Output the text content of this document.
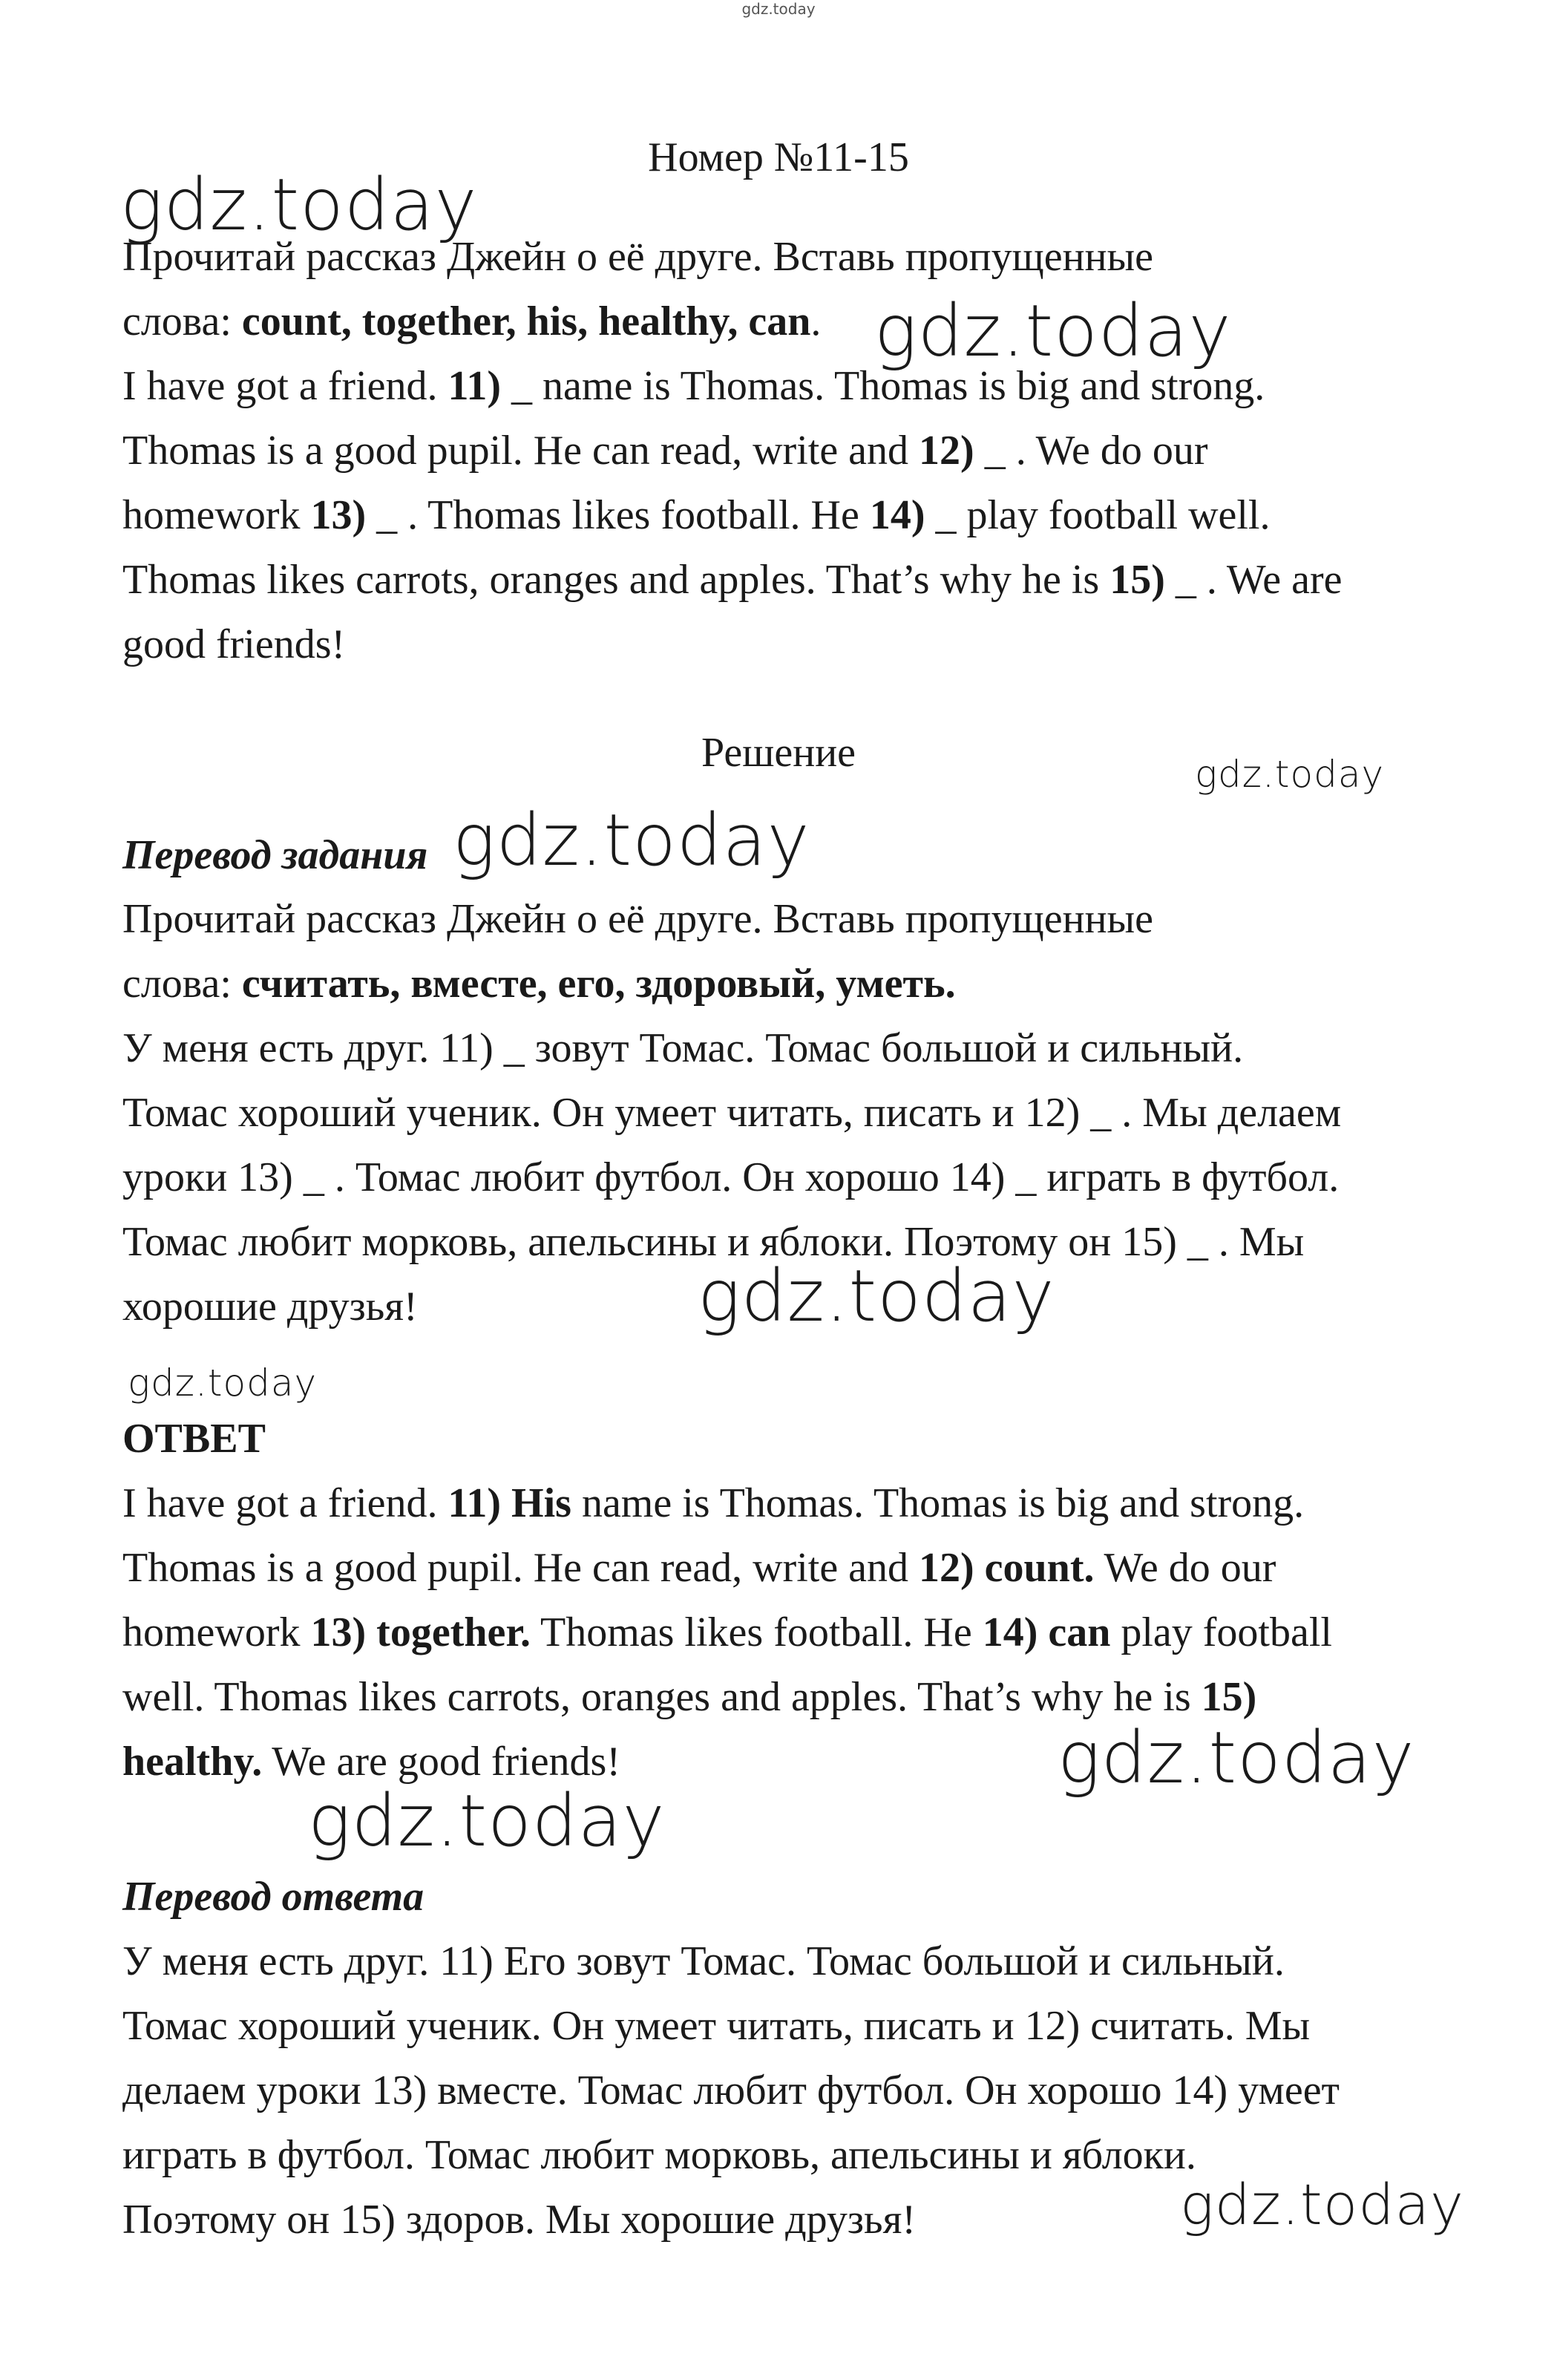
gdz.today
Номер №11-15
Прочитай рассказ Джейн о её друге. Вставь пропущенные
слова: count, together, his, healthy, can.
I have got a friend. 11) _ name is Thomas. Thomas is big and strong.
Thomas is a good pupil. He can read, write and 12) _ . We do our
homework 13) _ . Thomas likes football. He 14) _ play football well.
Thomas likes carrots, oranges and apples. That’s why he is 15) _ . We are
good friends!
Решение
Перевод задания
Прочитай рассказ Джейн о её друге. Вставь пропущенные
слова: считать, вместе, его, здоровый, уметь.
У меня есть друг. 11) _ зовут Томас. Томас большой и сильный.
Томас хороший ученик. Он умеет читать, писать и 12) _ . Мы делаем
уроки 13) _ . Томас любит футбол. Он хорошо 14) _ играть в футбол.
Томас любит морковь, апельсины и яблоки. Поэтому он 15) _ . Мы
хорошие друзья!
ОТВЕТ
I have got a friend. 11) His name is Thomas. Thomas is big and strong.
Thomas is a good pupil. He can read, write and 12) count. We do our
homework 13) together. Thomas likes football. He 14) can play football
well. Thomas likes carrots, oranges and apples. That’s why he is 15)
healthy. We are good friends!
Перевод ответа
У меня есть друг. 11) Его зовут Томас. Томас большой и сильный.
Томас хороший ученик. Он умеет читать, писать и 12) считать. Мы
делаем уроки 13) вместе. Томас любит футбол. Он хорошо 14) умеет
играть в футбол. Томас любит морковь, апельсины и яблоки.
Поэтому он 15) здоров. Мы хорошие друзья!
gdz.today
gdz.today
gdz.today
gdz.today
gdz.today
gdz.today
gdz.today
gdz.today
gdz.today
